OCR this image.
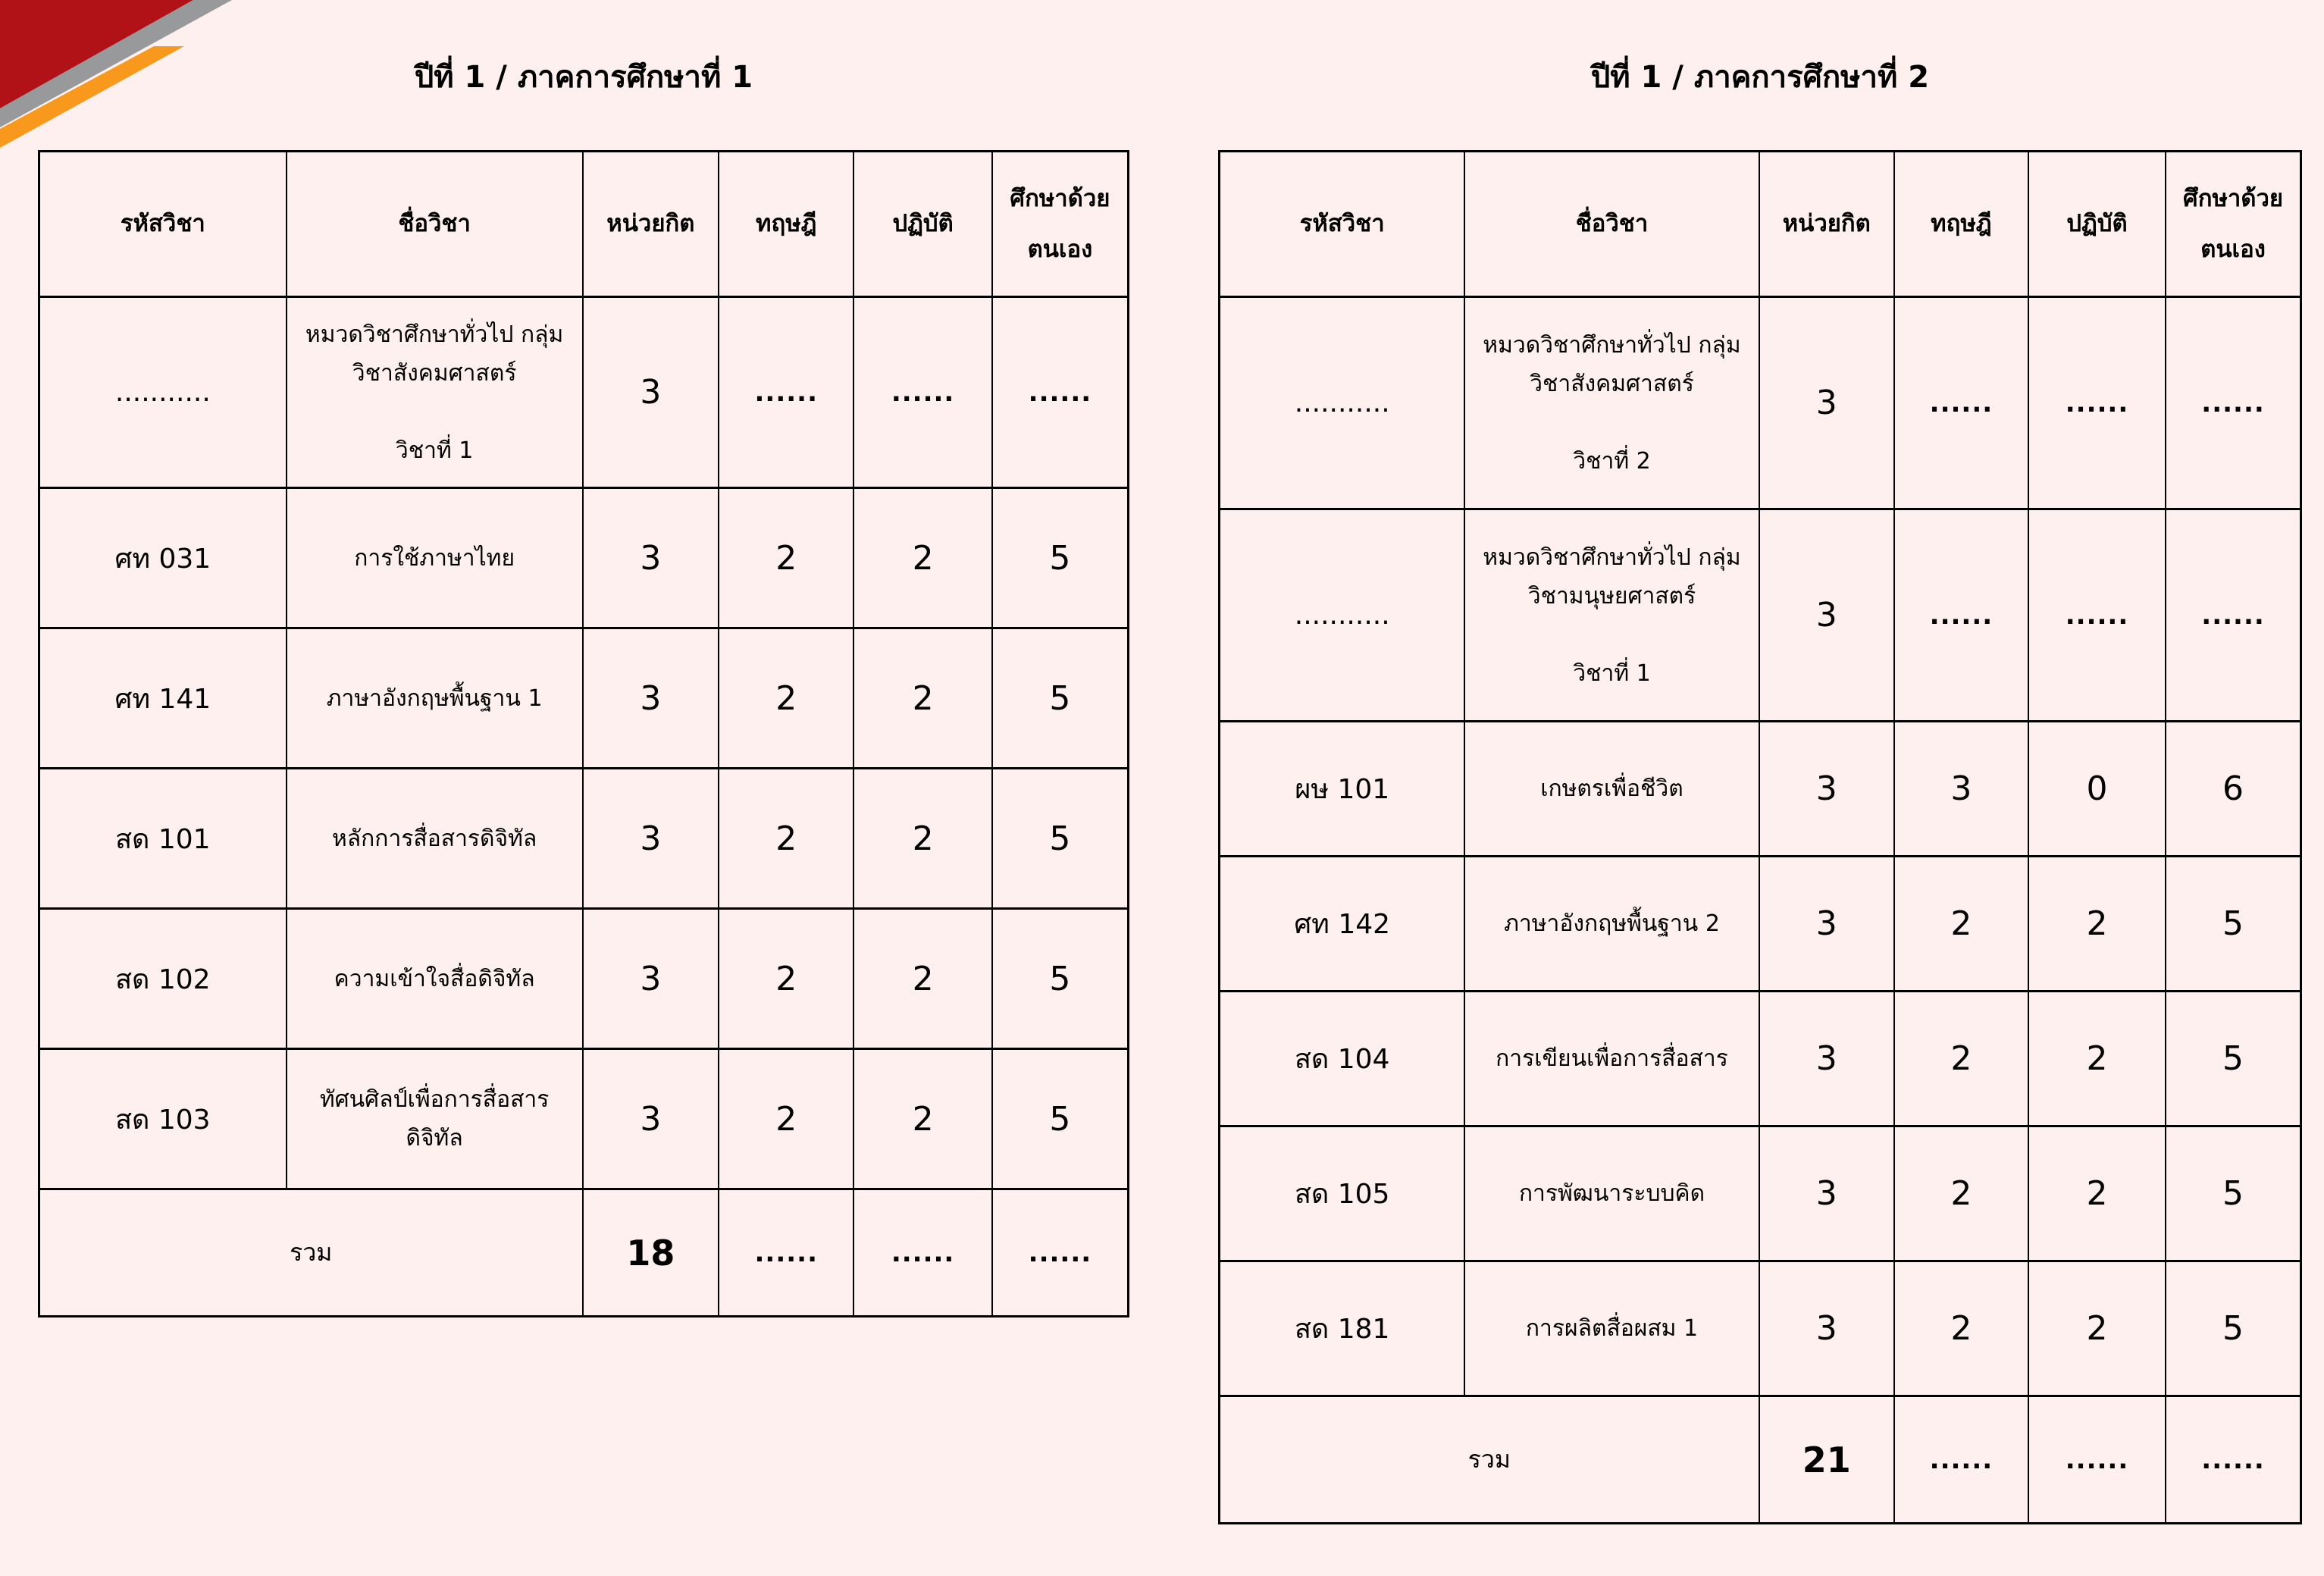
ปีที่ 1 / ภาคการศึกษาที่ 1	ปีที่ 1 / ภาคการศึกษาที่ 2
รหัสวิชา	ชื่อวิชา	หน่วยกิต	ทฤษฎี	ปฏิบัติ	ศึกษาด้วย
ตนเอง

...........	หมวดวิชาศึกษาทั่วไป กลุ่ม
วิชาสังคมศาสตร์

วิชาที่ 1	3	......	......	......
ศท 031	การใช้ภาษาไทย	3	2	2	5
ศท 141	ภาษาอังกฤษพื้นฐาน 1	3	2	2	5
สด 101	หลักการสื่อสารดิจิทัล	3	2	2	5
สด 102	ความเข้าใจสื่อดิจิทัล	3	2	2	5
สด 103	ทัศนศิลป์เพื่อการสื่อสาร
ดิจิทัล	3	2	2	5
รวม		18	......	......	......
รหัสวิชา	ชื่อวิชา	หน่วยกิต	ทฤษฎี	ปฏิบัติ	ศึกษาด้วย
ตนเอง

...........	หมวดวิชาศึกษาทั่วไป กลุ่ม
วิชาสังคมศาสตร์

วิชาที่ 2	3	......	......	......
...........	หมวดวิชาศึกษาทั่วไป กลุ่ม
วิชามนุษยศาสตร์

วิชาที่ 1	3	......	......	......
ผษ 101	เกษตรเพื่อชีวิต	3	3	0	6
ศท 142	ภาษาอังกฤษพื้นฐาน 2	3	2	2	5
สด 104	การเขียนเพื่อการสื่อสาร	3	2	2	5
สด 105	การพัฒนาระบบคิด	3	2	2	5
สด 181	การผลิตสื่อผสม 1	3	2	2	5
รวม		21	......	......	......
